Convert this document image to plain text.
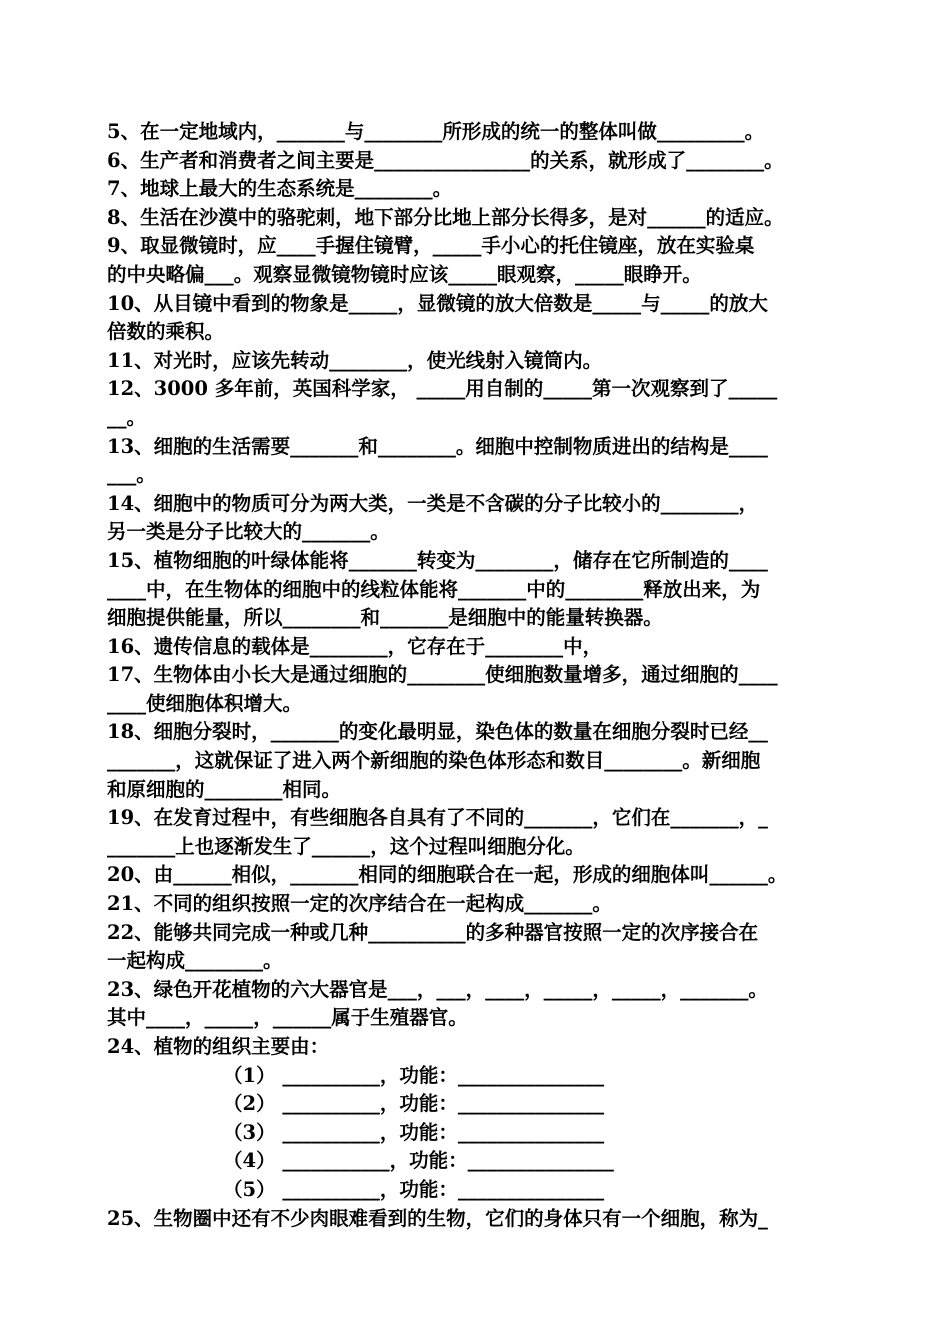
5、在一定地域内，_______与________所形成的统一的整体叫做_________。
6、生产者和消费者之间主要是________________的关系，就形成了________。
7、地球上最大的生态系统是________。
8、生活在沙漠中的骆驼刺，地下部分比地上部分长得多，是对______的适应。
9、取显微镜时，应____手握住镜臂，_____手小心的托住镜座，放在实验桌
的中央略偏___。观察显微镜物镜时应该_____眼观察，_____眼睁开。
10、从目镜中看到的物象是_____，显微镜的放大倍数是_____与_____的放大
倍数的乘积。
11、对光时，应该先转动________，使光线射入镜筒内。
12、3000 多年前，英国科学家， _____用自制的_____第一次观察到了_____
__。
13、细胞的生活需要_______和________。细胞中控制物质进出的结构是____
___。
14、细胞中的物质可分为两大类，一类是不含碳的分子比较小的________，
另一类是分子比较大的_______。
15、植物细胞的叶绿体能将_______转变为________，储存在它所制造的____
____中，在生物体的细胞中的线粒体能将_______中的________释放出来，为
细胞提供能量，所以________和_______是细胞中的能量转换器。
16、遗传信息的载体是________，它存在于________中，
17、生物体由小长大是通过细胞的________使细胞数量增多，通过细胞的____
____使细胞体积增大。
18、细胞分裂时，_______的变化最明显，染色体的数量在细胞分裂时已经__
_______，这就保证了进入两个新细胞的染色体形态和数目________。新细胞
和原细胞的________相同。
19、在发育过程中，有些细胞各自具有了不同的_______，它们在_______，_
_______上也逐渐发生了______，这个过程叫细胞分化。
20、由______相似，_______相同的细胞联合在一起，形成的细胞体叫______。
21、不同的组织按照一定的次序结合在一起构成_______。
22、能够共同完成一种或几种__________的多种器官按照一定的次序接合在
一起构成________。
23、绿色开花植物的六大器官是___，___，____，_____，_____，_______。
其中____，_____，______属于生殖器官。
24、植物的组织主要由：
（1） __________，功能：_______________
（2） __________，功能：_______________
（3） __________，功能：_______________
（4） ___________，功能：_______________
（5） __________，功能：_______________
25、生物圈中还有不少肉眼难看到的生物，它们的身体只有一个细胞，称为_
